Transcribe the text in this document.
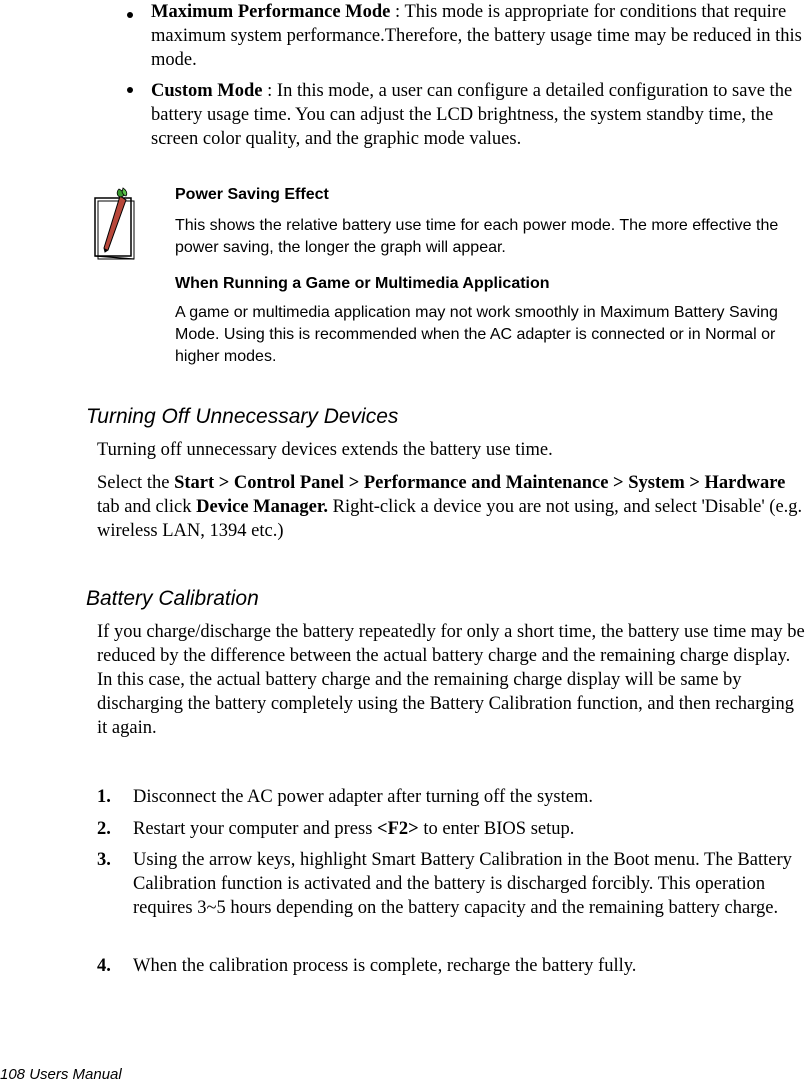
Maximum Performance Mode : This mode is appropriate for conditions that require maximum system performance.Therefore, the battery usage time may be reduced in this mode.
Custom Mode : In this mode, a user can configure a detailed configuration to save the battery usage time. You can adjust the LCD brightness, the system standby time, the screen color quality, and the graphic mode values.
Power Saving Effect
This shows the relative battery use time for each power mode. The more effective the power saving, the longer the graph will appear.
When Running a Game or Multimedia Application
A game or multimedia application may not work smoothly in Maximum Battery Saving Mode. Using this is recommended when the AC adapter is connected or in Normal or higher modes.
Turning Off Unnecessary Devices
Turning off unnecessary devices extends the battery use time.
Select the Start > Control Panel > Performance and Maintenance > System > Hardware tab and click Device Manager. Right-click a device you are not using, and select 'Disable' (e.g. wireless LAN, 1394 etc.)
Battery Calibration
If you charge/discharge the battery repeatedly for only a short time, the battery use time may be reduced by the difference between the actual battery charge and the remaining charge display. In this case, the actual battery charge and the remaining charge display will be same by discharging the battery completely using the Battery Calibration function, and then recharging it again.
1. Disconnect the AC power adapter after turning off the system.
2. Restart your computer and press <F2> to enter BIOS setup.
3. Using the arrow keys, highlight Smart Battery Calibration in the Boot menu. The Battery Calibration function is activated and the battery is discharged forcibly. This operation requires 3~5 hours depending on the battery capacity and the remaining battery charge.
4. When the calibration process is complete, recharge the battery fully.
108 Users Manual
